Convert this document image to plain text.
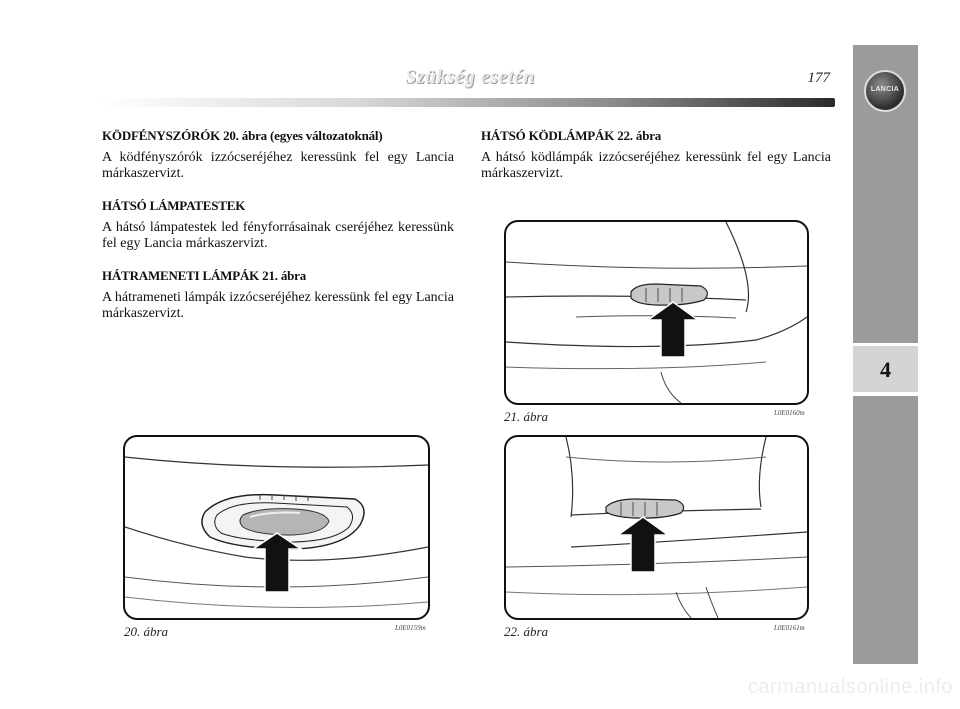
Szükség esetén	177
LANCIA
4
KÖDFÉNYSZÓRÓK 20. ábra (egyes változatoknál)

A ködfényszórók izzócseréjéhez keressünk fel egy Lancia márkaszervizt.

HÁTSÓ LÁMPATESTEK

A hátsó lámpatestek led fényforrásainak cseréjéhez keressünk fel egy Lancia márkaszervizt.

HÁTRAMENETI LÁMPÁK 21. ábra

A hátrameneti lámpák izzócseréjéhez keressünk fel egy Lancia márkaszervizt.

HÁTSÓ KÖDLÁMPÁK 22. ábra

A hátsó ködlámpák izzócseréjéhez keressünk fel egy Lancia márkaszervizt.

20. ábra	L0E0159m
21. ábra	L0E0160m
22. ábra	L0E0161m
carmanualsonline.info
